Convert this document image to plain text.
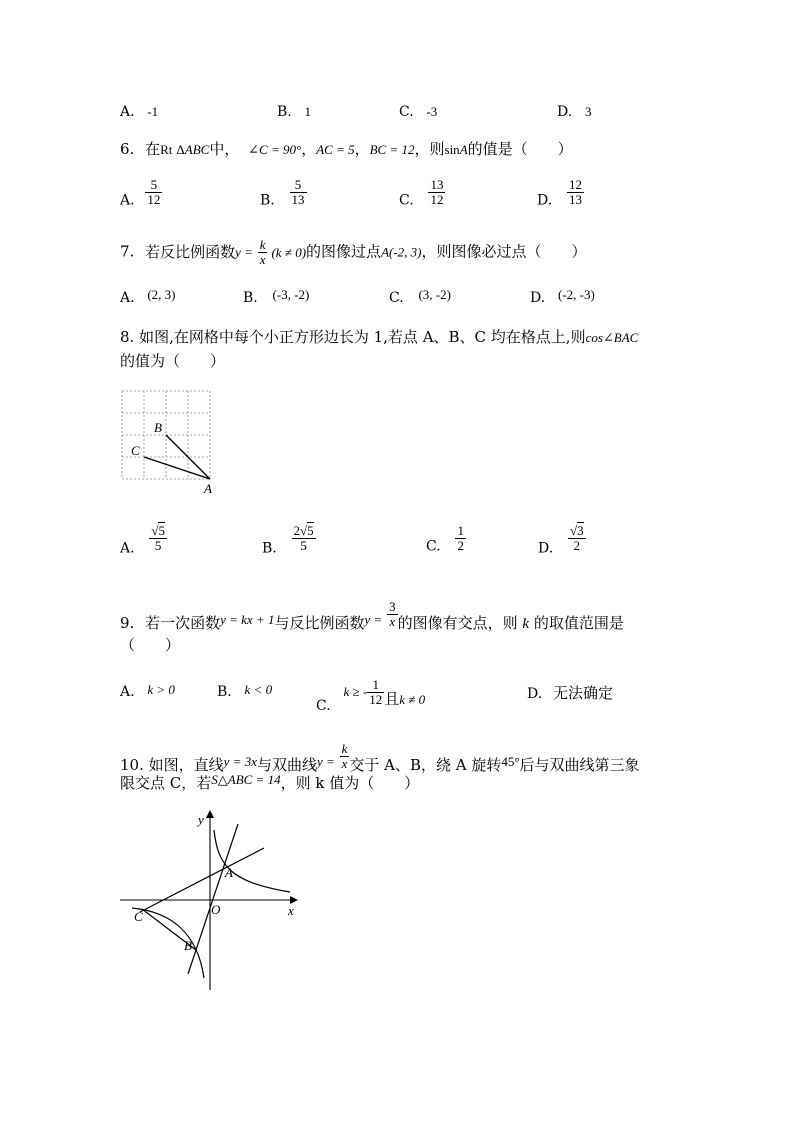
A. -1	B. 1	C. -3	D. 3
6. 在Rt ΔABC中， ∠C = 90°，AC = 5，BC = 12，则sinA的值是（　　）
A. $\frac{5}{12}$	B. $\frac{5}{13}$	C. $\frac{13}{12}$	D. $\frac{12}{13}$
7. 若反比例函数$y = \frac{k}{x} (k \ne 0)$的图像过点A(-2, 3)，则图像必过点（　　）
A. (2, 3)	B. (-3, -2)	C. (3, -2)	D. (-2, -3)
8. 如图,在网格中每个小正方形边长为 1,若点 A、B、C 均在格点上,则cos∠BAC
的值为（　　）
B
C
A
A. $\frac{√5}{5}$	B. $\frac{2√5}{5}$	C. $\frac{1}{2}$	D. $\frac{√3}{2}$
9. 若一次函数y = kx + 1与反比例函数$y = \frac{3}{x}$ 的图像有交点，则 k 的取值范围是
（　　）
A. k > 0	B. k < 0
C. k ≥ - $\frac{1}{12}$ 且k ≠ 0	D. 无法确定
10. 如图，直线y = 3x与双曲线$y = \frac{k}{x}$ 交于 A、B，绕 A 旋转45°后与双曲线第三象
限交点 C，若S△ABC = 14，则 k 值为（　　）
y
x
O
A
B
C
